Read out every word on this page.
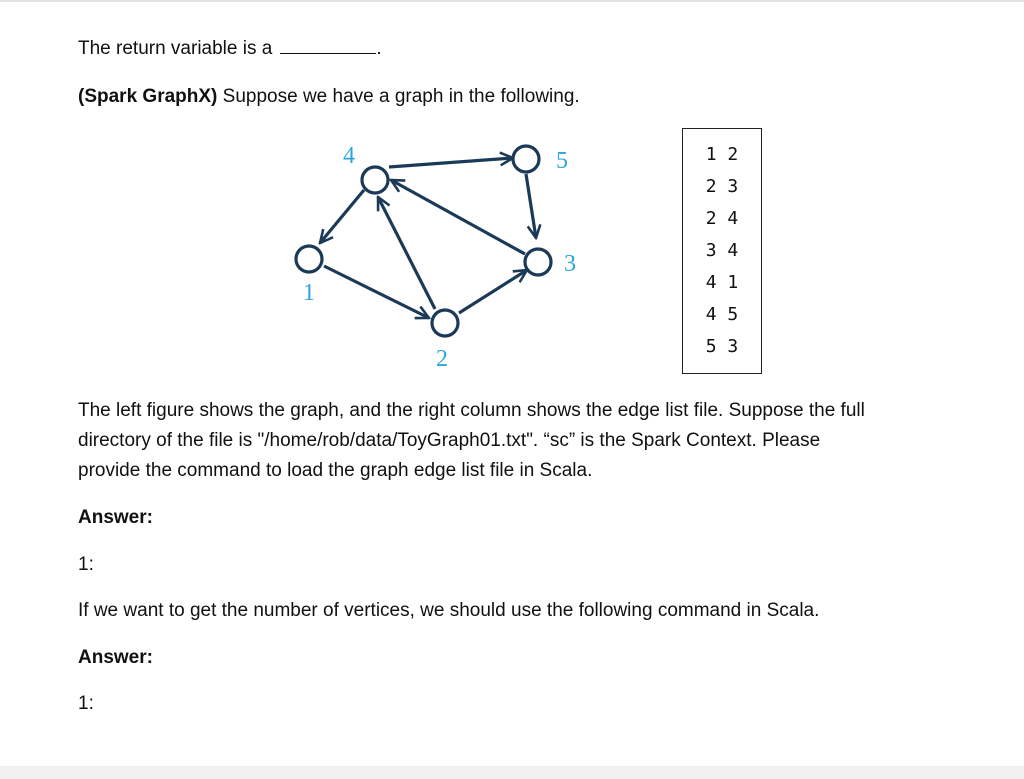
The return variable is a	.
(Spark GraphX) Suppose we have a graph in the following.
4	5
1
3
2
1 2
2 3
2 4
3 4
4 1
4 5
5 3
The left figure shows the graph, and the right column shows the edge list file. Suppose the full
directory of the file is "/home/rob/data/ToyGraph01.txt". “sc” is the Spark Context. Please
provide the command to load the graph edge list file in Scala.
Answer:
1:
If we want to get the number of vertices, we should use the following command in Scala.
Answer:
1:
